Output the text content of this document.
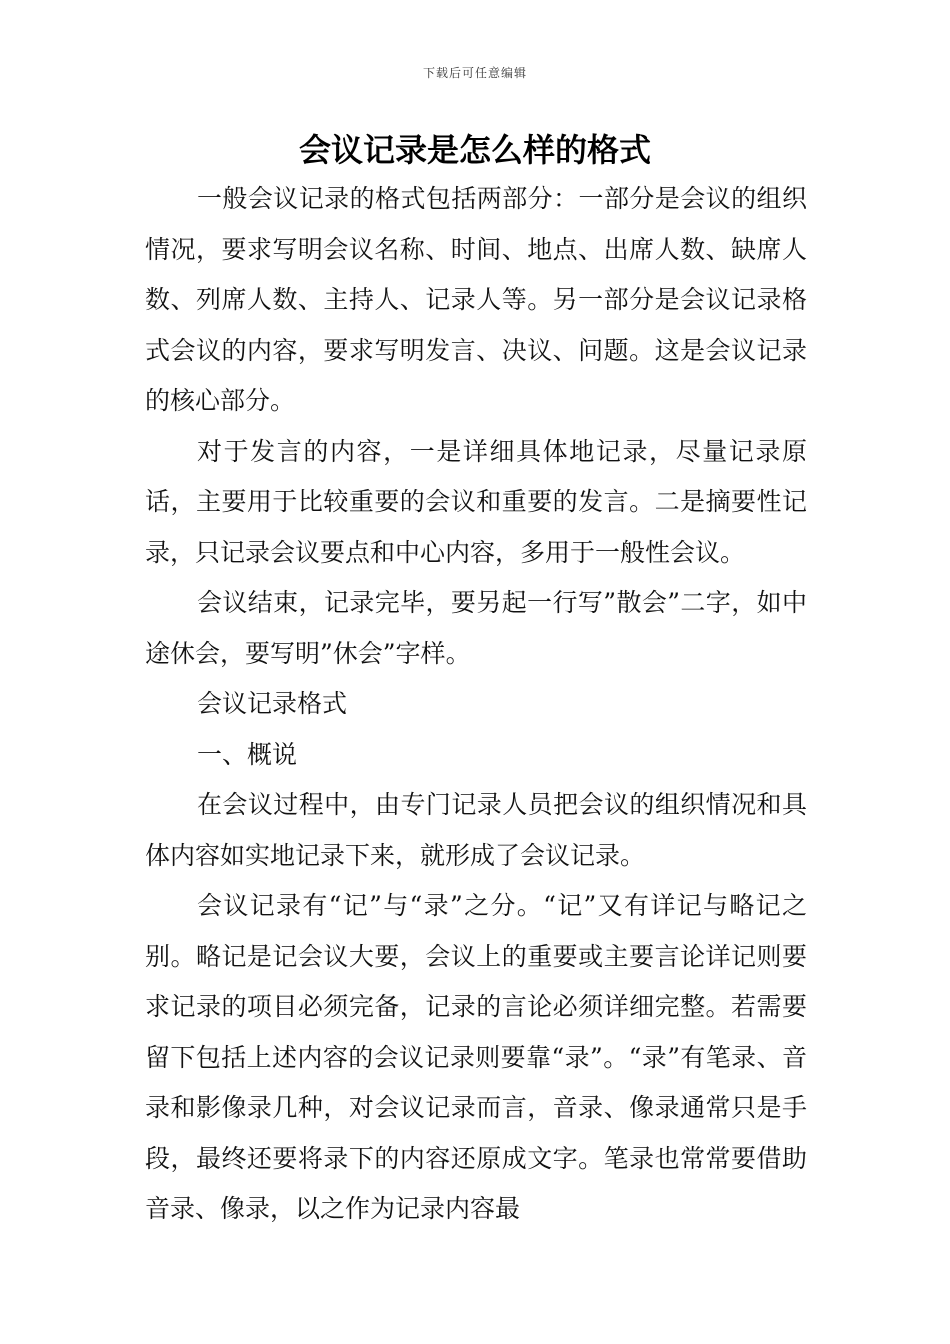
下载后可任意编辑
会议记录是怎么样的格式

一般会议记录的格式包括两部分：一部分是会议的组织情况，要求写明会议名称、时间、地点、出席人数、缺席人数、列席人数、主持人、记录人等。另一部分是会议记录格式会议的内容，要求写明发言、决议、问题。这是会议记录的核心部分。

对于发言的内容，一是详细具体地记录，尽量记录原话，主要用于比较重要的会议和重要的发言。二是摘要性记录，只记录会议要点和中心内容，多用于一般性会议。

会议结束，记录完毕，要另起一行写”散会”二字，如中途休会，要写明”休会”字样。

会议记录格式

一、概说

在会议过程中，由专门记录人员把会议的组织情况和具体内容如实地记录下来，就形成了会议记录。

会议记录有“记”与“录”之分。“记”又有详记与略记之别。略记是记会议大要，会议上的重要或主要言论详记则要求记录的项目必须完备，记录的言论必须详细完整。若需要留下包括上述内容的会议记录则要靠“录”。“录”有笔录、音录和影像录几种，对会议记录而言，音录、像录通常只是手段，最终还要将录下的内容还原成文字。笔录也常常要借助音录、像录，以之作为记录内容最
